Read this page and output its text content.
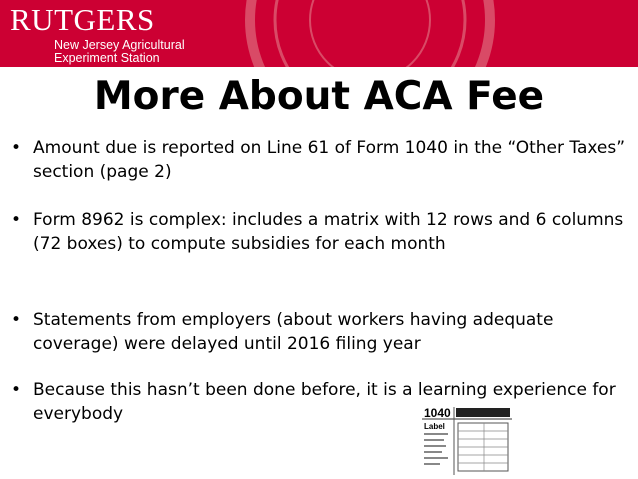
RUTGERS
New Jersey Agricultural
Experiment Station
More About ACA Fee
• Amount due is reported on Line 61 of Form 1040 in the “Other Taxes” section (page 2)
• Form 8962 is complex: includes a matrix with 12 rows and 6 columns (72 boxes) to compute subsidies for each month
• Statements from employers (about workers having adequate coverage) were delayed until 2016 filing year
• Because this hasn’t been done before, it is a learning experience for everybody	1040
Label
